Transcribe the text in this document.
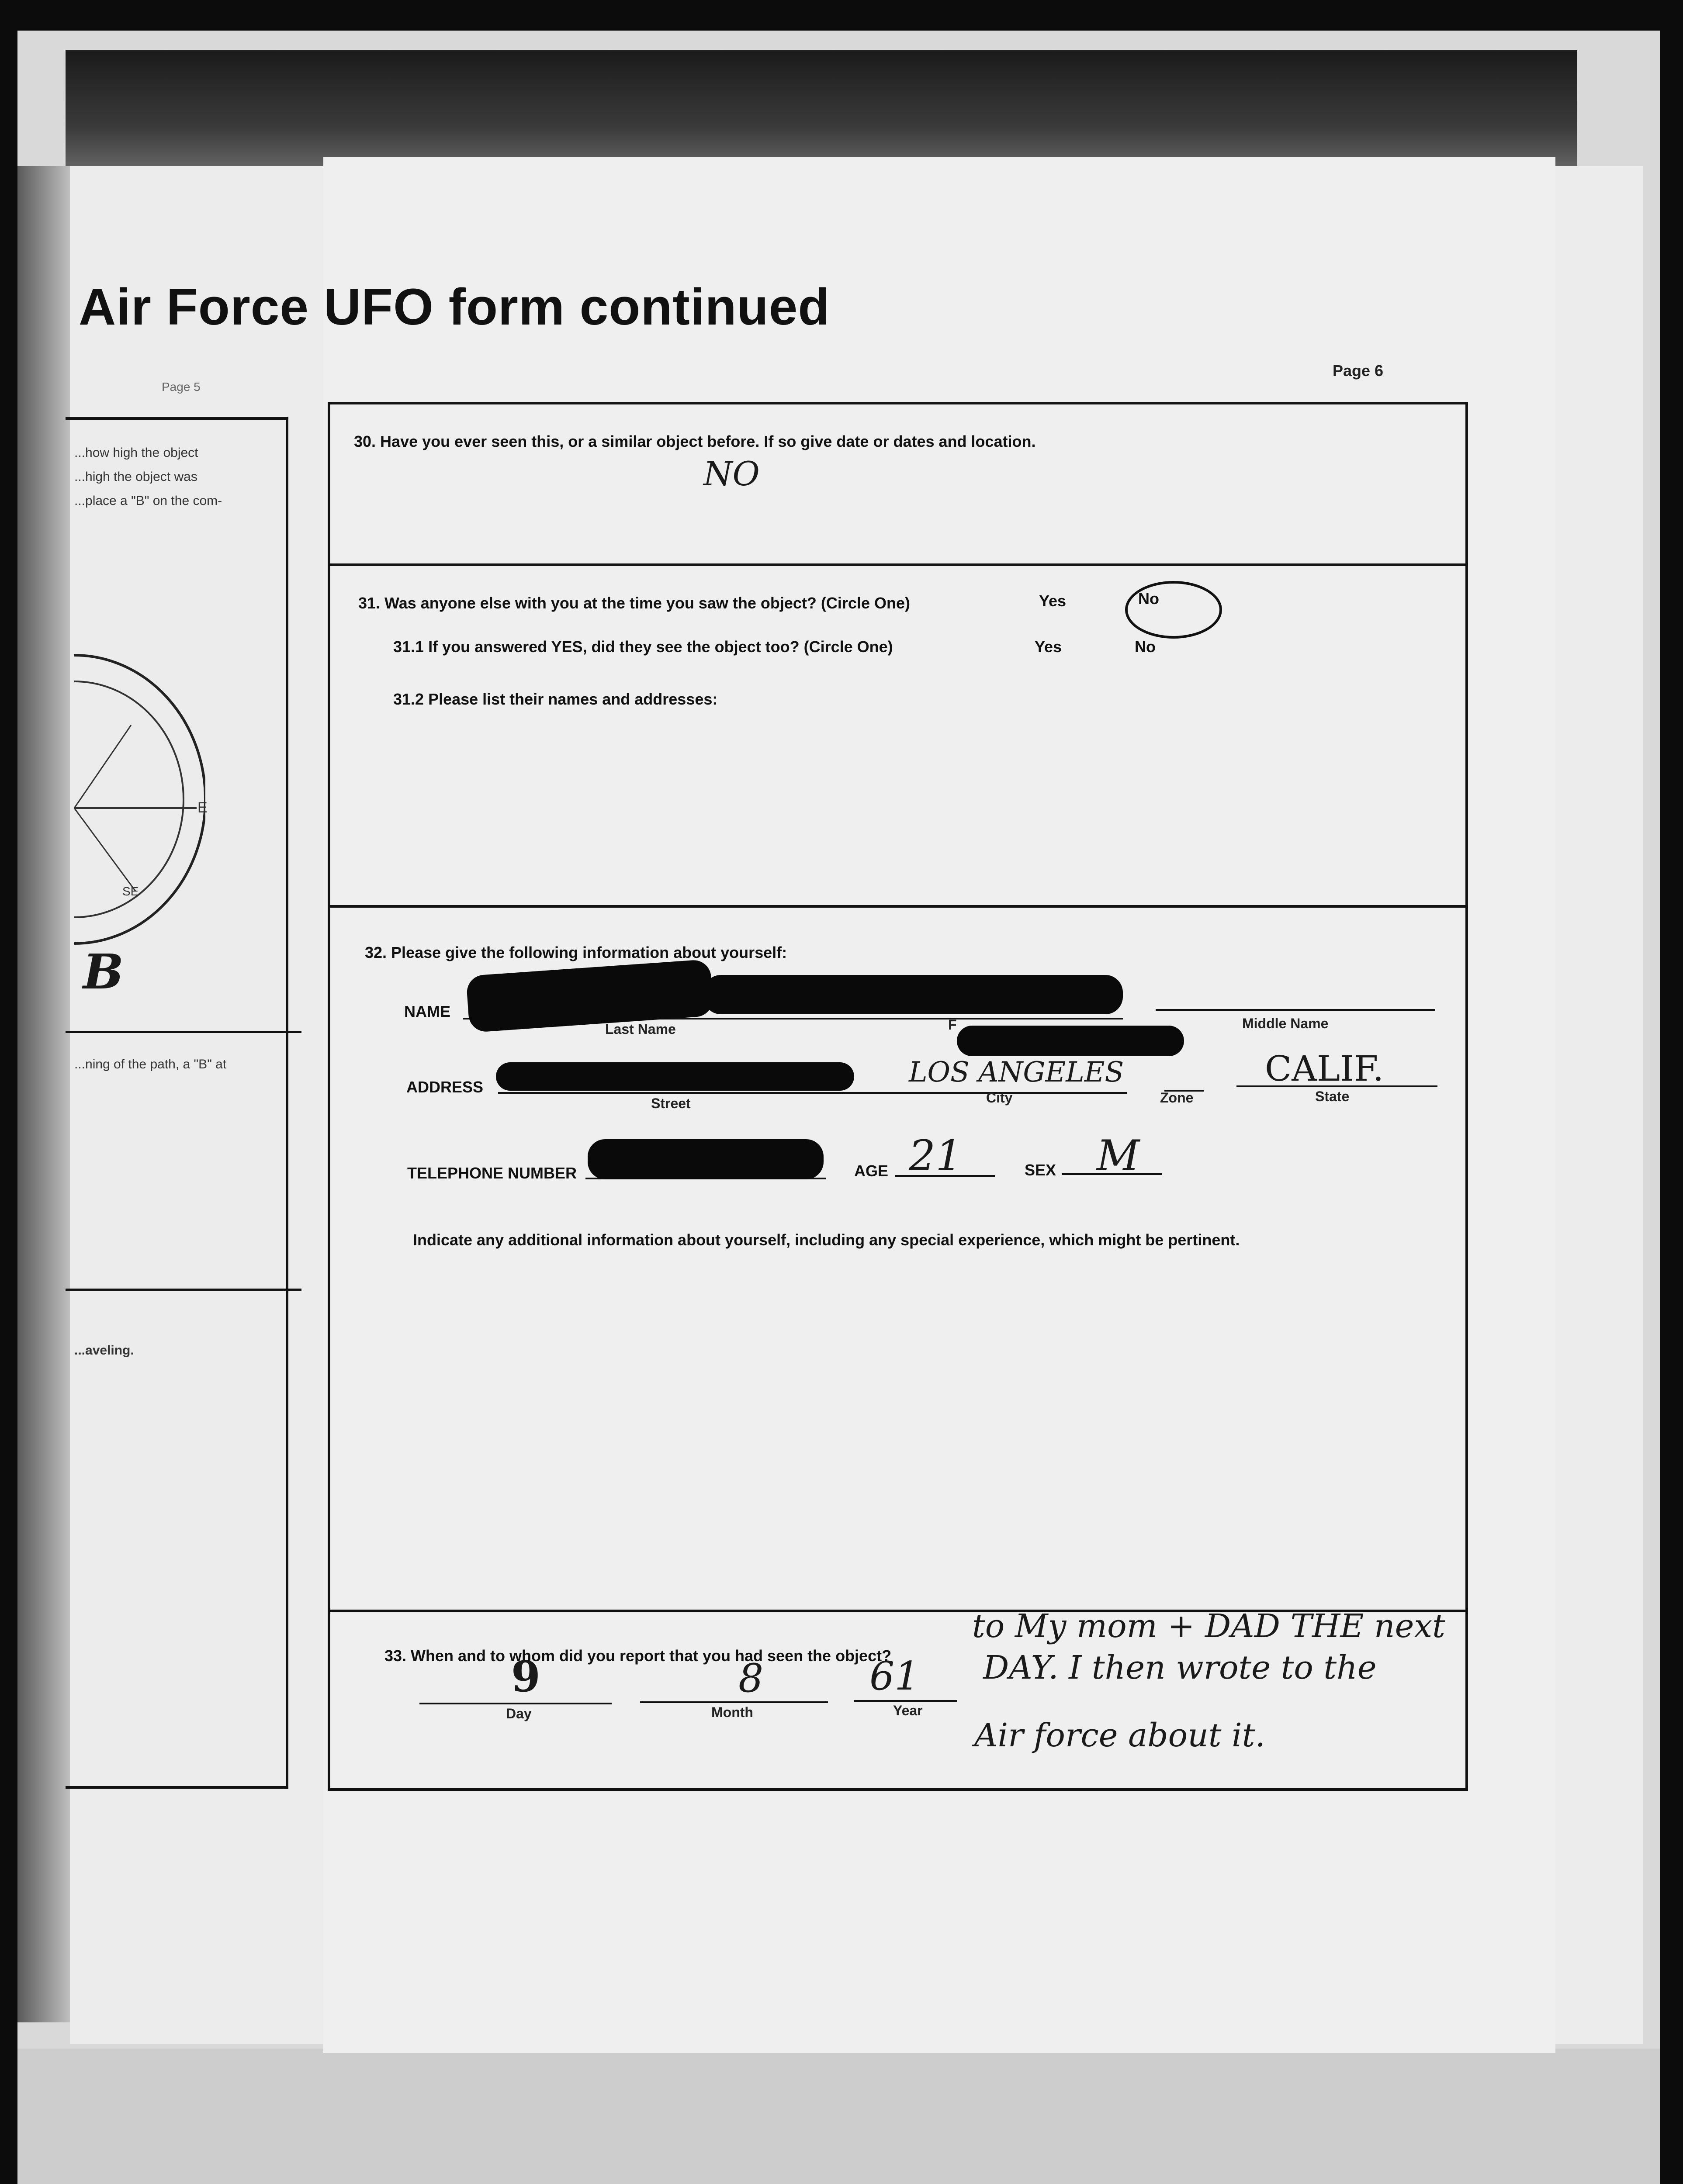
Air Force UFO form continued
Page 5
Page 6
...how high the object
...high the object was
...place a "B" on the com-
E
SE
B
...ning of the path, a "B" at
...aveling.
30. Have you ever seen this, or a similar object before. If so give date or dates and location.
NO
31. Was anyone else with you at the time you saw the object? (Circle One)	Yes	No
31.1 If you answered YES, did they see the object too? (Circle One)	Yes	No
31.2 Please list their names and addresses:
32. Please give the following information about yourself:
NAME
Last Name	F	Middle Name
ADDRESS	LOS ANGELES	CALIF.
Street	City	Zone	State
TELEPHONE NUMBER	AGE 21	SEX M
Indicate any additional information about yourself, including any special experience, which might be pertinent.
33. When and to whom did you report that you had seen the object?
9	8	61
Day	Month	Year
to My mom + DAD THE next
DAY. I then wrote to the
Air force about it.
